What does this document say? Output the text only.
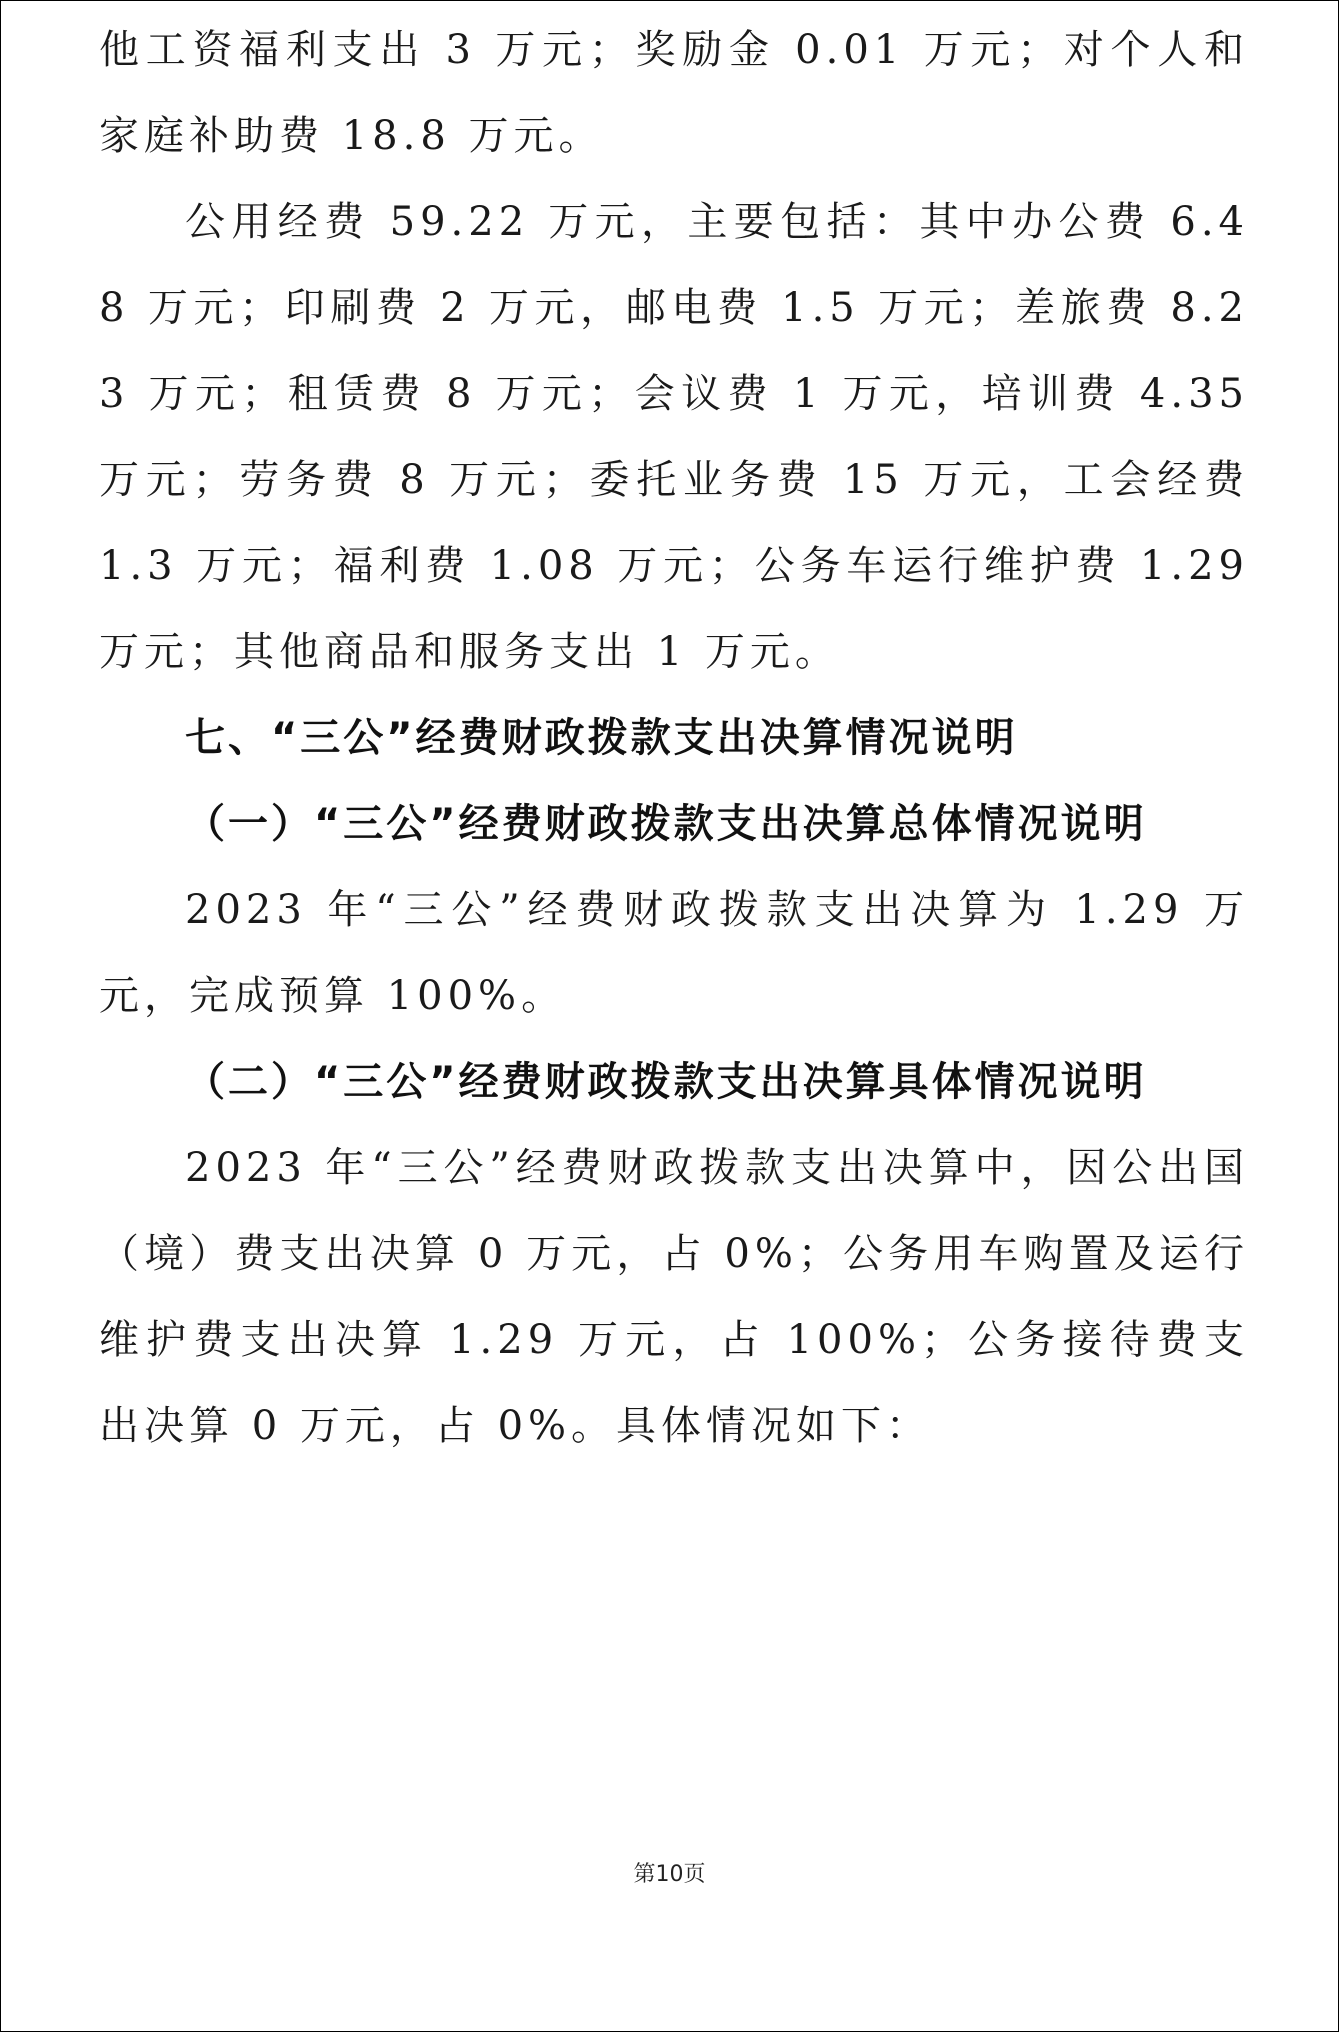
他工资福利支出 3 万元；奖励金 0.01 万元；对个人和家庭补助费 18.8 万元。

公用经费 59.22 万元，主要包括：其中办公费 6.48 万元；印刷费 2 万元，邮电费 1.5 万元；差旅费 8.23 万元；租赁费 8 万元；会议费 1 万元，培训费 4.35 万元；劳务费 8 万元；委托业务费 15 万元，工会经费 1.3 万元；福利费 1.08 万元；公务车运行维护费 1.29 万元；其他商品和服务支出 1 万元。

七、“三公”经费财政拨款支出决算情况说明

（一）“三公”经费财政拨款支出决算总体情况说明

2023 年“三公”经费财政拨款支出决算为 1.29 万元，完成预算 100%。

（二）“三公”经费财政拨款支出决算具体情况说明

2023 年“三公”经费财政拨款支出决算中，因公出国（境）费支出决算 0 万元，占 0%；公务用车购置及运行维护费支出决算 1.29 万元，占 100%；公务接待费支出决算 0 万元，占 0%。具体情况如下：

第10页
